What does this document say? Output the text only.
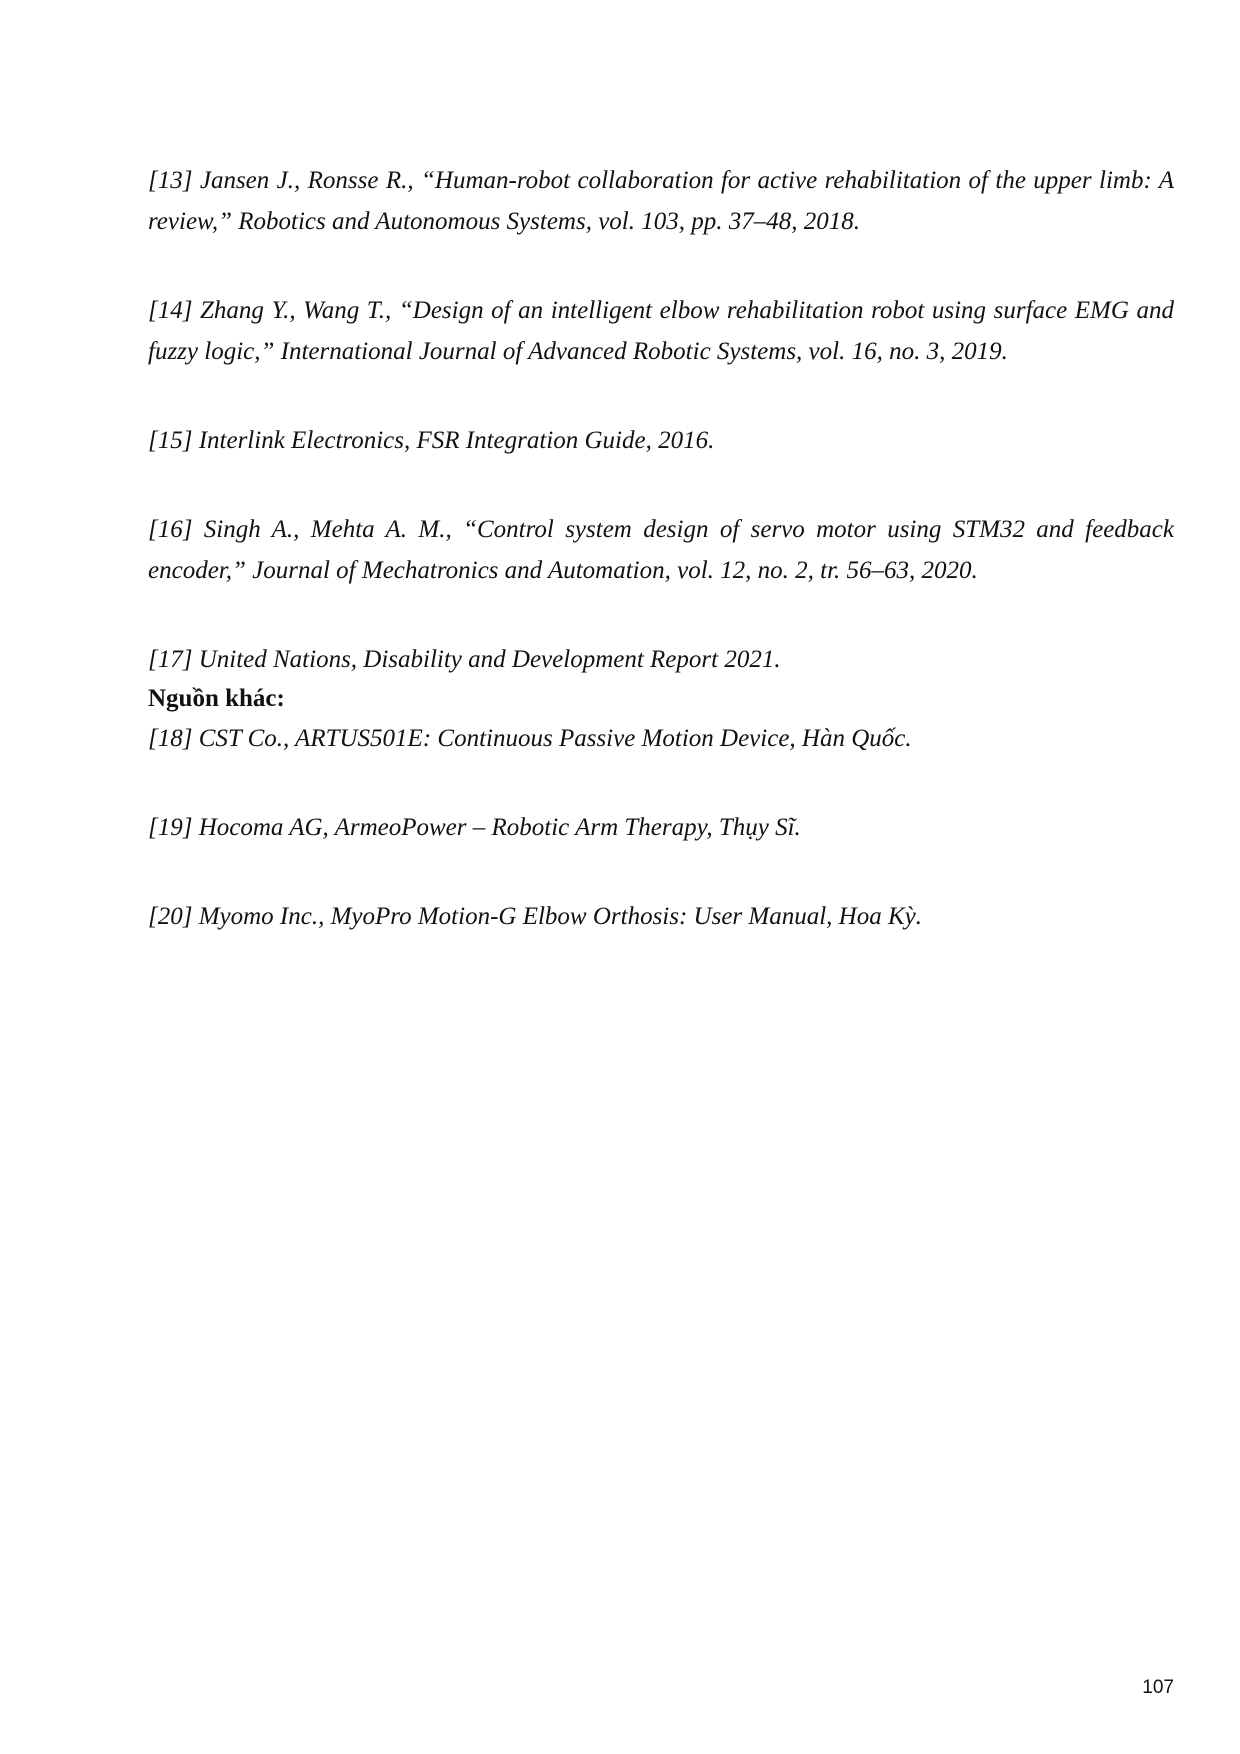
[13] Jansen J., Ronsse R., “Human-robot collaboration for active rehabilitation of the upper limb: A review,” Robotics and Autonomous Systems, vol. 103, pp. 37–48, 2018.

[14] Zhang Y., Wang T., “Design of an intelligent elbow rehabilitation robot using surface EMG and fuzzy logic,” International Journal of Advanced Robotic Systems, vol. 16, no. 3, 2019.

[15] Interlink Electronics, FSR Integration Guide, 2016.

[16] Singh A., Mehta A. M., “Control system design of servo motor using STM32 and feedback encoder,” Journal of Mechatronics and Automation, vol. 12, no. 2, tr. 56–63, 2020.

[17] United Nations, Disability and Development Report 2021.

Nguồn khác:

[18] CST Co., ARTUS501E: Continuous Passive Motion Device, Hàn Quốc.

[19] Hocoma AG, ArmeoPower – Robotic Arm Therapy, Thụy Sĩ.

[20] Myomo Inc., MyoPro Motion-G Elbow Orthosis: User Manual, Hoa Kỳ.

107
